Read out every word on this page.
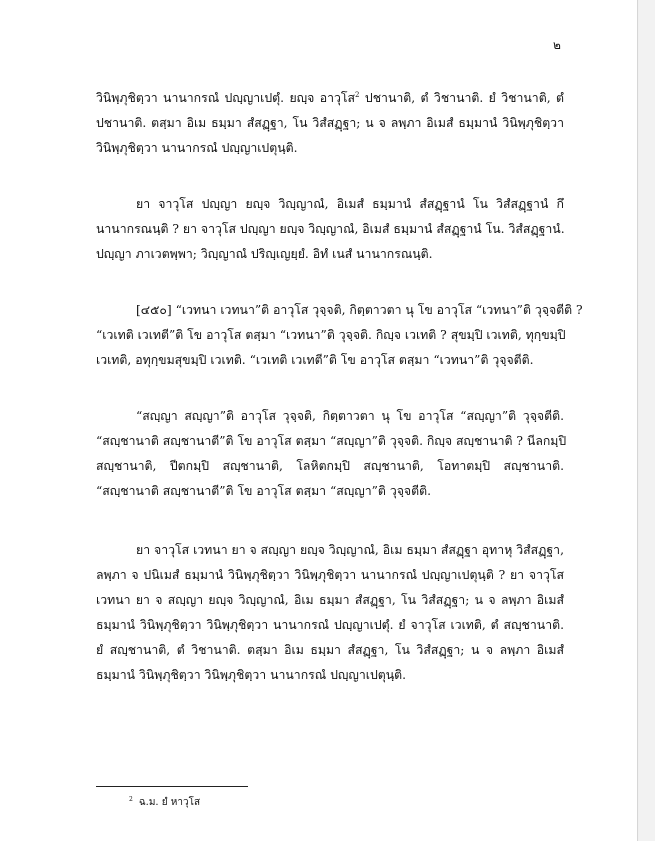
๒
วินิพฺภุชิตฺวา นานากรณํ ปญฺญาเปตุํ. ยญฺจ อาวุโส$^2$ ปชานาติ, ตํ วิชานาติ. ยํ วิชานาติ, ตํ
ปชานาติ. ตสฺมา อิเม ธมฺมา สํสฏฺฐา, โน วิสํสฏฺฐา; น จ ลพฺภา อิเมสํ ธมฺมานํ วินิพฺภุชิตฺวา
วินิพฺภุชิตฺวา นานากรณํ ปญฺญาเปตุนฺติ.
ยา จาวุโส ปญฺญา ยญฺจ วิญฺญาณํ, อิเมสํ ธมฺมานํ สํสฏฺฐานํ โน วิสํสฏฺฐานํ กึ
นานากรณนฺติ ? ยา จาวุโส ปญฺญา ยญฺจ วิญฺญาณํ, อิเมสํ ธมฺมานํ สํสฏฺฐานํ โน. วิสํสฏฺฐานํ.
ปญฺญา ภาเวตพฺพา; วิญฺญาณํ ปริญฺเญยฺยํ. อิทํ เนสํ นานากรณนฺติ.
[๔๕๐] “เวทนา เวทนา”ติ อาวุโส วุจฺจติ, กิตฺตาวตา นุ โข อาวุโส “เวทนา”ติ วุจฺจตีติ ?
“เวเทติ เวเทตี”ติ โข อาวุโส ตสฺมา “เวทนา”ติ วุจฺจติ. กิญฺจ เวเทติ ? สุขมฺปิ เวเทติ, ทุกฺขมฺปิ
เวเทติ, อทุกฺขมสุขมฺปิ เวเทติ. “เวเทติ เวเทตี”ติ โข อาวุโส ตสฺมา “เวทนา”ติ วุจฺจตีติ.
“สญฺญา สญฺญา”ติ อาวุโส วุจฺจติ, กิตฺตาวตา นุ โข อาวุโส “สญฺญา”ติ วุจฺจตีติ.
“สญฺชานาติ สญฺชานาตี”ติ โข อาวุโส ตสฺมา “สญฺญา”ติ วุจฺจติ. กิญฺจ สญฺชานาติ ? นีลกมฺปิ
สญฺชานาติ, ปีตกมฺปิ สญฺชานาติ, โลหิตกมฺปิ สญฺชานาติ, โอทาตมฺปิ สญฺชานาติ.
“สญฺชานาติ สญฺชานาตี”ติ โข อาวุโส ตสฺมา “สญฺญา”ติ วุจฺจตีติ.
ยา จาวุโส เวทนา ยา จ สญฺญา ยญฺจ วิญฺญาณํ, อิเม ธมฺมา สํสฏฺฐา อุทาหุ วิสํสฏฺฐา,
ลพฺภา จ ปนิเมสํ ธมฺมานํ วินิพฺภุชิตฺวา วินิพฺภุชิตฺวา นานากรณํ ปญฺญาเปตุนฺติ ? ยา จาวุโส
เวทนา ยา จ สญฺญา ยญฺจ วิญฺญาณํ, อิเม ธมฺมา สํสฏฺฐา, โน วิสํสฏฺฐา; น จ ลพฺภา อิเมสํ
ธมฺมานํ วินิพฺภุชิตฺวา วินิพฺภุชิตฺวา นานากรณํ ปญฺญาเปตุํ. ยํ จาวุโส เวเทติ, ตํ สญฺชานาติ.
ยํ สญฺชานาติ, ตํ วิชานาติ. ตสฺมา อิเม ธมฺมา สํสฏฺฐา, โน วิสํสฏฺฐา; น จ ลพฺภา อิเมสํ
ธมฺมานํ วินิพฺภุชิตฺวา วินิพฺภุชิตฺวา นานากรณํ ปญฺญาเปตุนฺติ.
$^2$ ฉ.ม. ยํ หาวุโส
